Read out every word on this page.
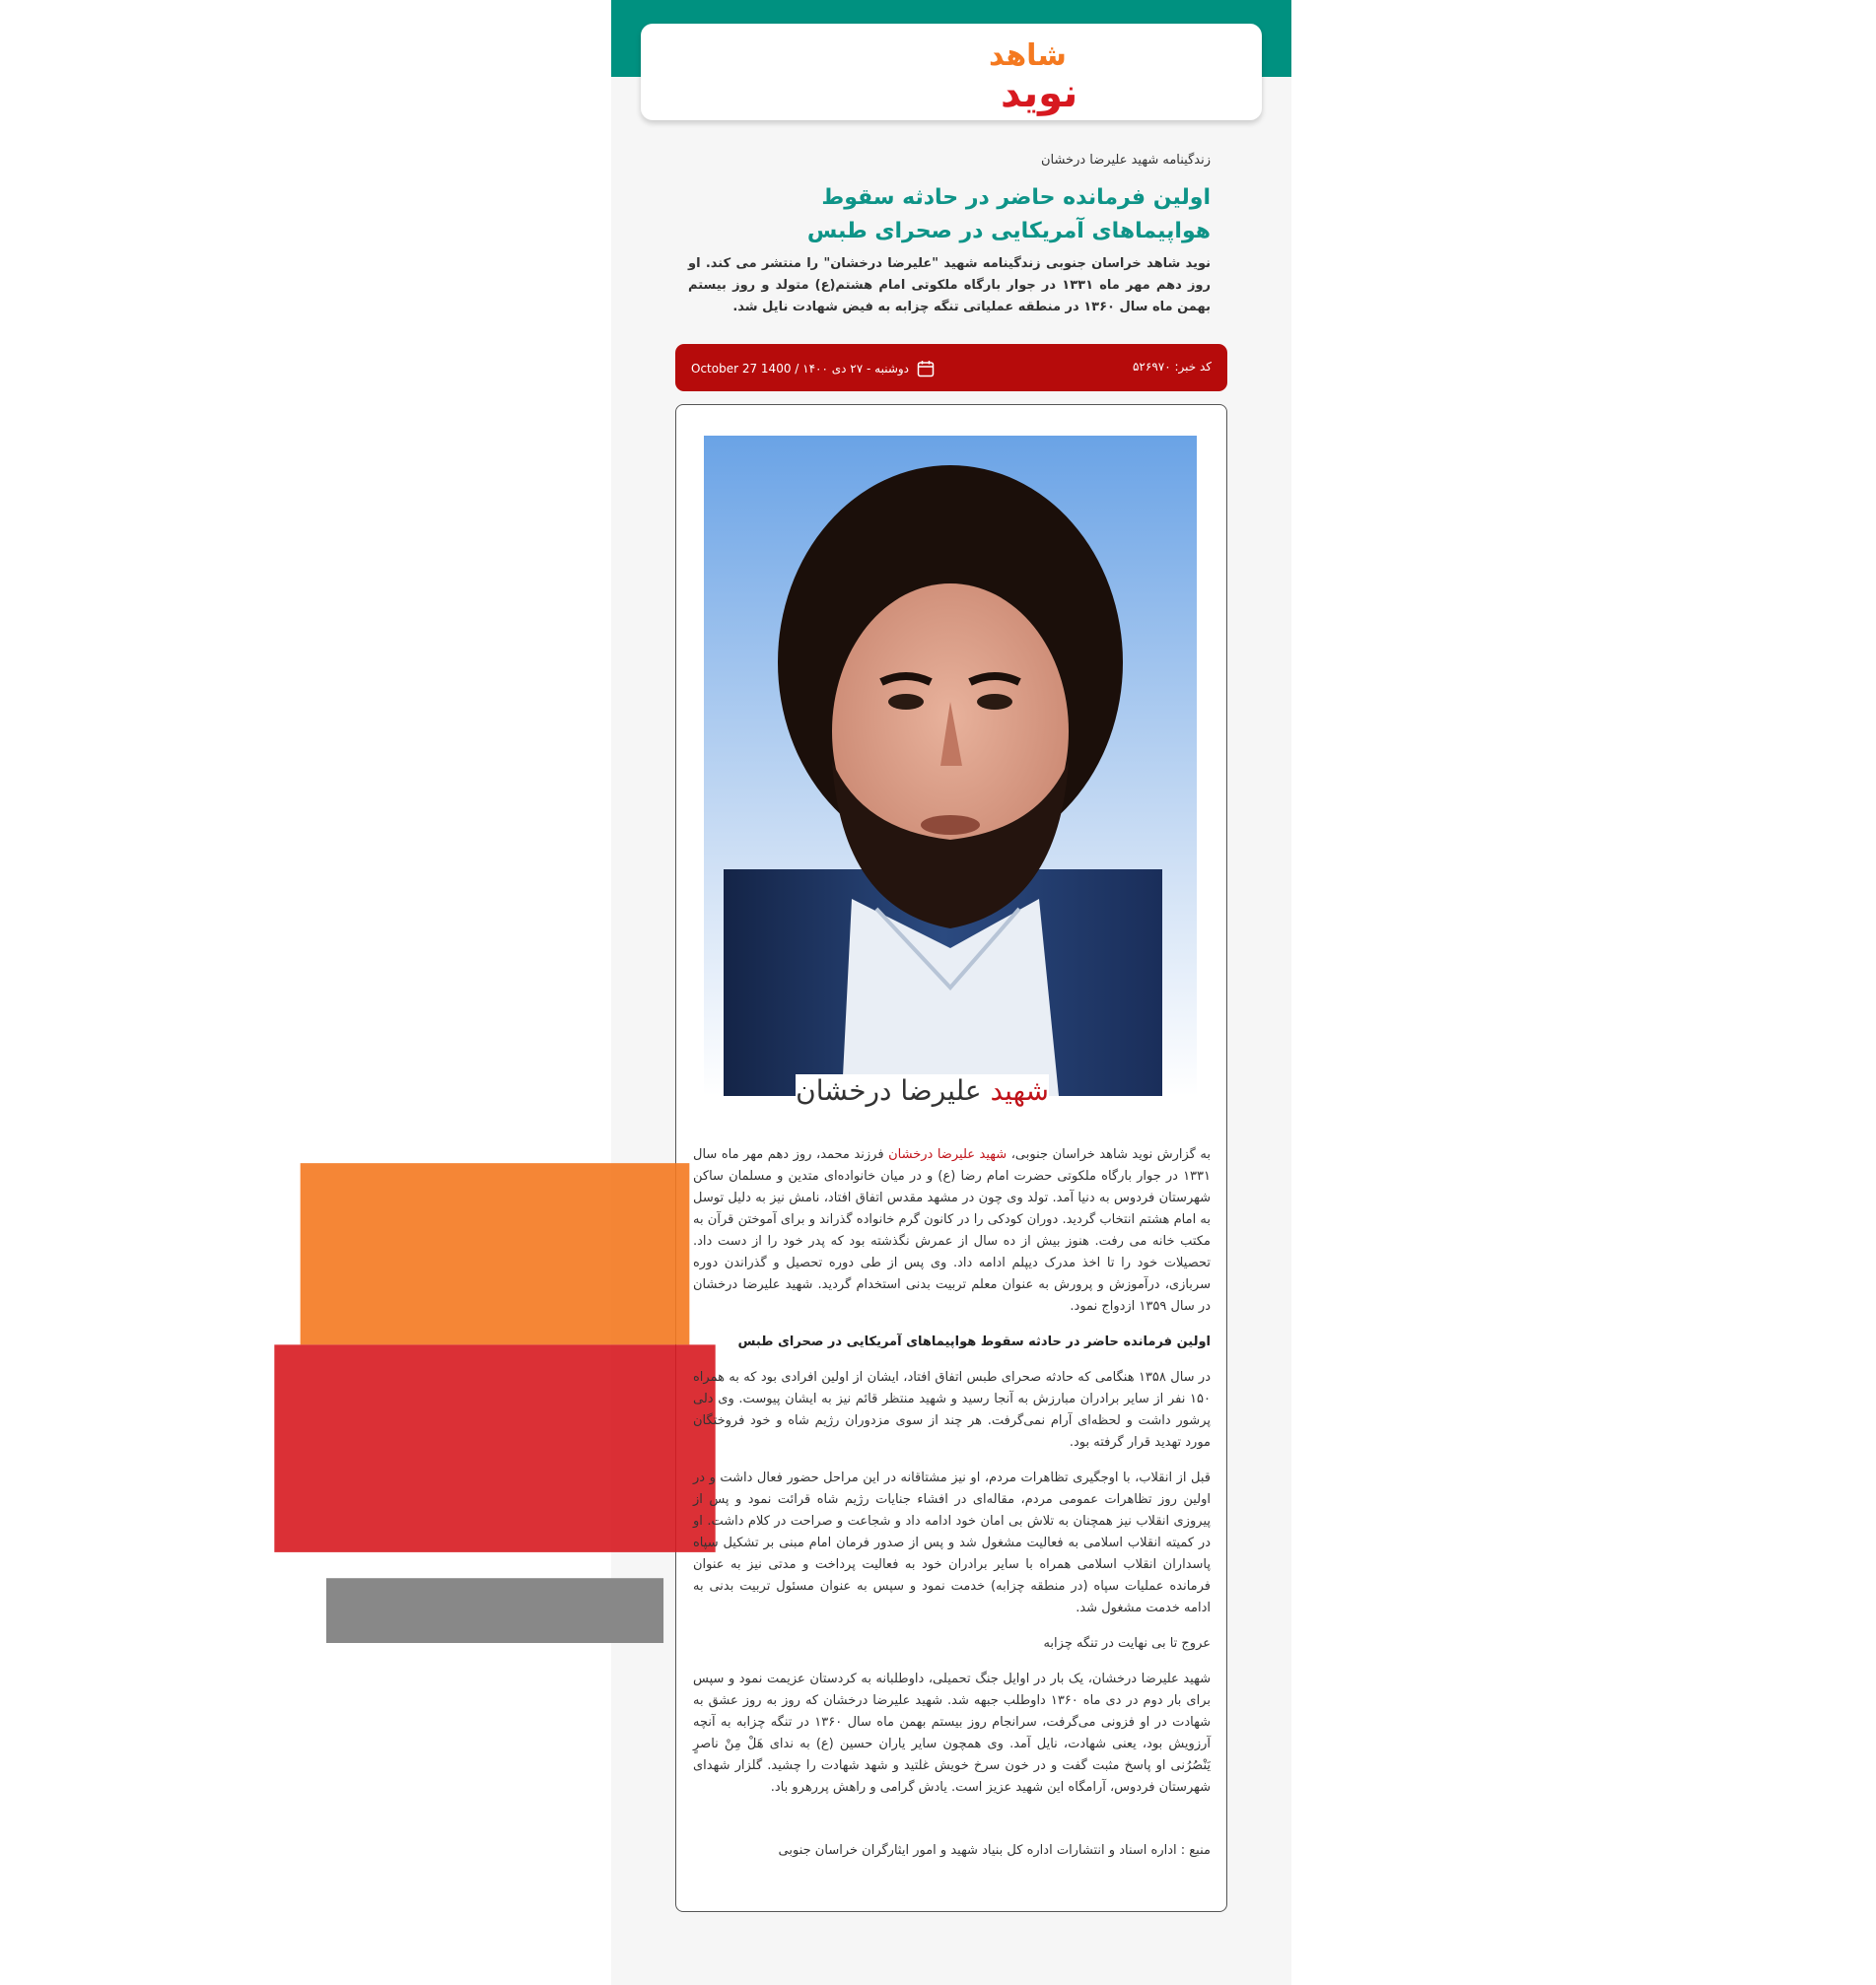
شاهد
نوید
زندگینامه شهید علیرضا درخشان
اولین فرمانده حاضر در حادثه سقوط هواپیماهای آمریکایی در صحرای طبس

نوید شاهد خراسان جنوبی زندگینامه شهید "علیرضا درخشان" را منتشر می کند. او روز دهم مهر ماه ۱۳۳۱ در جوار بارگاه ملکوتی امام هشتم(ع) متولد و روز بیستم بهمن ماه سال ۱۳۶۰ در منطقه عملیاتی تنگه چزابه به فیض شهادت نایل شد.

کد خبر: ۵۲۶۹۷۰
دوشنبه - ۲۷ دی ۱۴۰۰ / October 27 1400
شهید علیرضا درخشان

به گزارش نوید شاهد خراسان جنوبی، شهید علیرضا درخشان فرزند محمد، روز دهم مهر ماه سال ۱۳۳۱ در جوار بارگاه ملکوتی حضرت امام رضا (ع) و در میان خانواده‌ای متدین و مسلمان ساکن شهرستان فردوس به دنیا آمد. تولد وی چون در مشهد مقدس اتفاق افتاد، نامش نیز به دلیل توسل به امام هشتم انتخاب گردید. دوران کودکی را در کانون گرم خانواده گذراند و برای آموختن قرآن به مکتب خانه می رفت. هنوز بیش از ده سال از عمرش نگذشته بود که پدر خود را از دست داد. تحصیلات خود را تا اخذ مدرک دیپلم ادامه داد. وی پس از طی دوره تحصیل و گذراندن دوره سربازی، درآموزش و پرورش به عنوان معلم تربیت بدنی استخدام گردید. شهید علیرضا درخشان در سال ۱۳۵۹ ازدواج نمود.

اولین فرمانده حاضر در حادثه سقوط هواپیماهای آمریکایی در صحرای طبس

در سال ۱۳۵۸ هنگامی که حادثه صحرای طبس اتفاق افتاد، ایشان از اولین افرادی بود که به همراه ۱۵۰ نفر از سایر برادران مبارزش به آنجا رسید و شهید منتظر قائم نیز به ایشان پیوست. وی دلی پرشور داشت و لحظه‌ای آرام نمی‌گرفت. هر چند از سوی مزدوران رژیم شاه و خود فروختگان مورد تهدید قرار گرفته بود.

قبل از انقلاب، با اوجگیری تظاهرات مردم، او نیز مشتاقانه در این مراحل حضور فعال داشت و در اولین روز تظاهرات عمومی مردم، مقاله‌ای در افشاء جنایات رژیم شاه قرائت نمود و پس از پیروزی انقلاب نیز همچنان به تلاش بی امان خود ادامه داد و شجاعت و صراحت در کلام داشت. او در کمیته انقلاب اسلامی به فعالیت مشغول شد و پس از صدور فرمان امام مبنی بر تشکیل سپاه پاسداران انقلاب اسلامی همراه با سایر برادران خود به فعالیت پرداخت و مدتی نیز به عنوان فرمانده عملیات سپاه (در منطقه چزابه) خدمت نمود و سپس به عنوان مسئول تربیت بدنی به ادامه خدمت مشغول شد.

عروج تا بی نهایت در تنگه چزابه

شهید علیرضا درخشان، یک بار در اوایل جنگ تحمیلی، داوطلبانه به کردستان عزیمت نمود و سپس برای بار دوم در دی ماه ۱۳۶۰ داوطلب جبهه شد. شهید علیرضا درخشان که روز به روز عشق به شهادت در او فزونی می‌گرفت، سرانجام روز بیستم بهمن ماه سال ۱۳۶۰ در تنگه چزابه به آنچه آرزویش بود، یعنی شهادت، نایل آمد. وی همچون سایر یاران حسین (ع) به ندای هَلْ مِنْ ناصرٍ یَنْصُرُنی او پاسخ مثبت گفت و در خون سرخ خویش غلتید و شهد شهادت را چشید. گلزار شهدای شهرستان فردوس، آرامگاه این شهید عزیز است. یادش گرامی و راهش پررهرو باد.

منبع : اداره اسناد و انتشارات اداره کل بنیاد شهید و امور ایثارگران خراسان جنوبی
